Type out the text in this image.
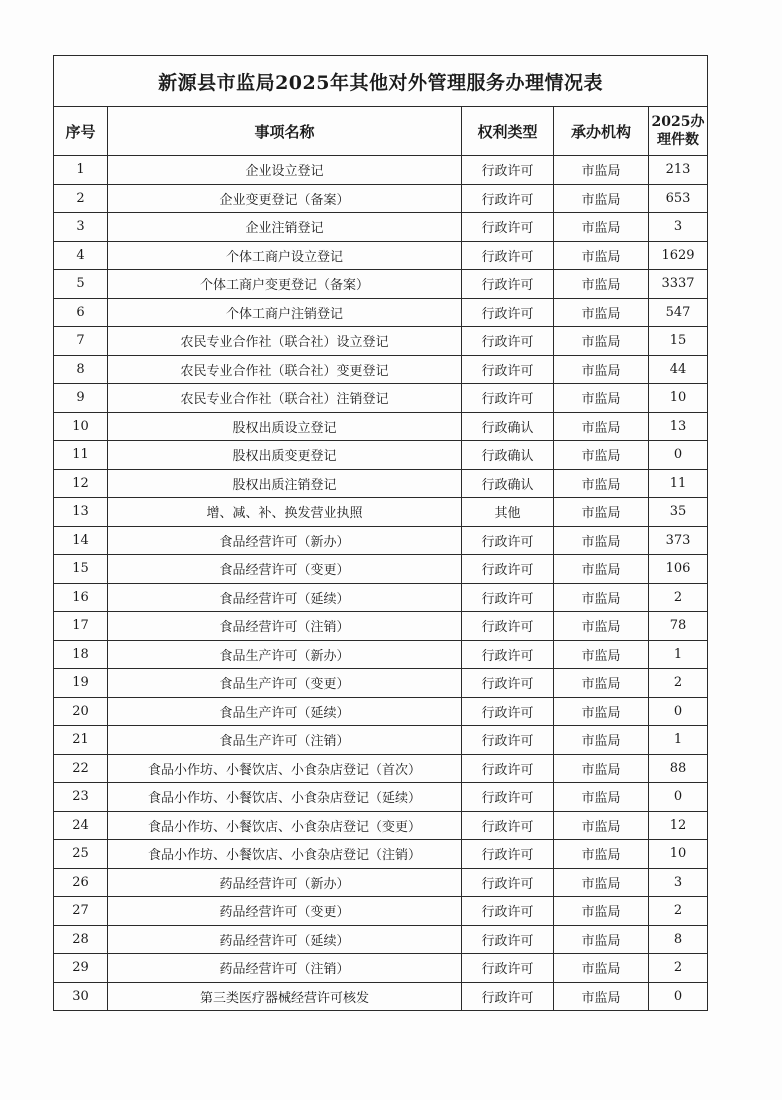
新源县市监局2025年其他对外管理服务办理情况表				
序号	事项名称	权利类型	承办机构	2025办理件数
1	企业设立登记	行政许可	市监局	213
2	企业变更登记（备案）	行政许可	市监局	653
3	企业注销登记	行政许可	市监局	3
4	个体工商户设立登记	行政许可	市监局	1629
5	个体工商户变更登记（备案）	行政许可	市监局	3337
6	个体工商户注销登记	行政许可	市监局	547
7	农民专业合作社（联合社）设立登记	行政许可	市监局	15
8	农民专业合作社（联合社）变更登记	行政许可	市监局	44
9	农民专业合作社（联合社）注销登记	行政许可	市监局	10
10	股权出质设立登记	行政确认	市监局	13
11	股权出质变更登记	行政确认	市监局	0
12	股权出质注销登记	行政确认	市监局	11
13	增、减、补、换发营业执照	其他	市监局	35
14	食品经营许可（新办）	行政许可	市监局	373
15	食品经营许可（变更）	行政许可	市监局	106
16	食品经营许可（延续）	行政许可	市监局	2
17	食品经营许可（注销）	行政许可	市监局	78
18	食品生产许可（新办）	行政许可	市监局	1
19	食品生产许可（变更）	行政许可	市监局	2
20	食品生产许可（延续）	行政许可	市监局	0
21	食品生产许可（注销）	行政许可	市监局	1
22	食品小作坊、小餐饮店、小食杂店登记（首次）	行政许可	市监局	88
23	食品小作坊、小餐饮店、小食杂店登记（延续）	行政许可	市监局	0
24	食品小作坊、小餐饮店、小食杂店登记（变更）	行政许可	市监局	12
25	食品小作坊、小餐饮店、小食杂店登记（注销）	行政许可	市监局	10
26	药品经营许可（新办）	行政许可	市监局	3
27	药品经营许可（变更）	行政许可	市监局	2
28	药品经营许可（延续）	行政许可	市监局	8
29	药品经营许可（注销）	行政许可	市监局	2
30	第三类医疗器械经营许可核发	行政许可	市监局	0
